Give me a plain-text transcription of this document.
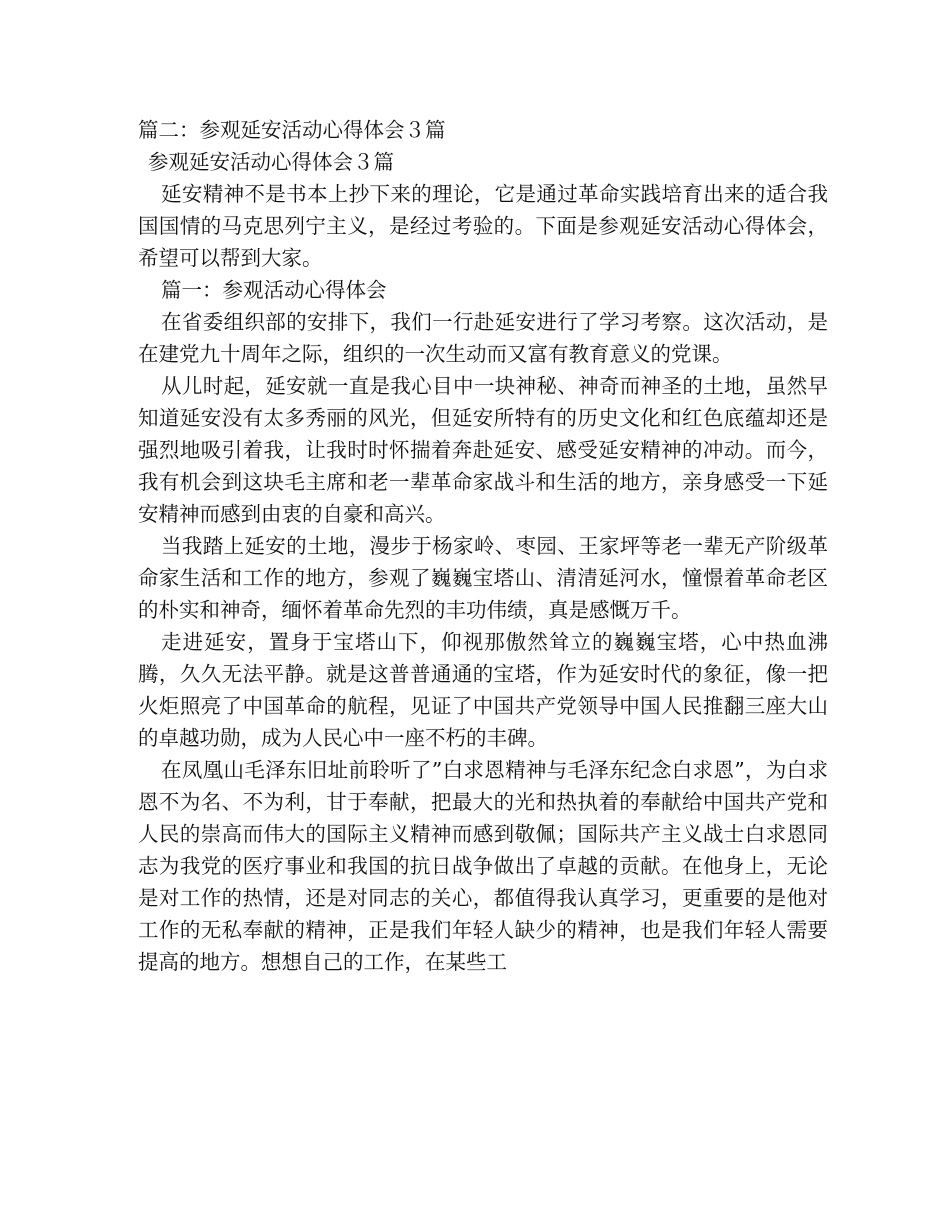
篇二：参观延安活动心得体会３篇

参观延安活动心得体会３篇

延安精神不是书本上抄下来的理论，它是通过革命实践培育出来的适合我国国情的马克思列宁主义，是经过考验的。下面是参观延安活动心得体会，希望可以帮到大家。

篇一：参观活动心得体会

在省委组织部的安排下，我们一行赴延安进行了学习考察。这次活动，是在建党九十周年之际，组织的一次生动而又富有教育意义的党课。

从儿时起，延安就一直是我心目中一块神秘、神奇而神圣的土地，虽然早知道延安没有太多秀丽的风光，但延安所特有的历史文化和红色底蕴却还是强烈地吸引着我，让我时时怀揣着奔赴延安、感受延安精神的冲动。而今，我有机会到这块毛主席和老一辈革命家战斗和生活的地方，亲身感受一下延安精神而感到由衷的自豪和高兴。

当我踏上延安的土地，漫步于杨家岭、枣园、王家坪等老一辈无产阶级革命家生活和工作的地方，参观了巍巍宝塔山、清清延河水，憧憬着革命老区的朴实和神奇，缅怀着革命先烈的丰功伟绩，真是感慨万千。

走进延安，置身于宝塔山下，仰视那傲然耸立的巍巍宝塔，心中热血沸腾，久久无法平静。就是这普普通通的宝塔，作为延安时代的象征，像一把火炬照亮了中国革命的航程，见证了中国共产党领导中国人民推翻三座大山的卓越功勋，成为人民心中一座不朽的丰碑。

在凤凰山毛泽东旧址前聆听了”白求恩精神与毛泽东纪念白求恩”，为白求恩不为名、不为利，甘于奉献，把最大的光和热执着的奉献给中国共产党和人民的崇高而伟大的国际主义精神而感到敬佩；国际共产主义战士白求恩同志为我党的医疗事业和我国的抗日战争做出了卓越的贡献。在他身上，无论是对工作的热情，还是对同志的关心，都值得我认真学习，更重要的是他对工作的无私奉献的精神，正是我们年轻人缺少的精神，也是我们年轻人需要提高的地方。想想自己的工作，在某些工
